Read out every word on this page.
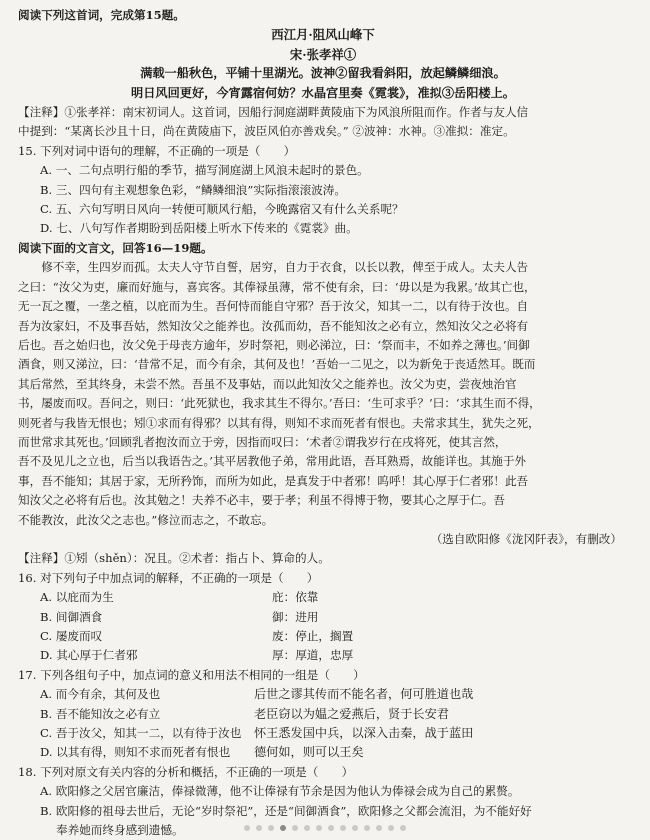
阅读下列这首词，完成第15题。
西江月·阻风山峰下
宋·张孝祥①
满载一船秋色，平铺十里湖光。波神②留我看斜阳，放起鳞鳞细浪。
明日风回更好，今宵露宿何妨？水晶宫里奏《霓裳》，准拟③岳阳楼上。
【注释】①张孝祥：南宋初词人。这首词，因船行洞庭湖畔黄陵庙下为风浪所阻而作。作者与友人信
中提到：“某离长沙且十日，尚在黄陵庙下，波臣风伯亦善戏矣。” ②波神：水神。③准拟：准定。
15. 下列对词中语句的理解，不正确的一项是（　　）
A. 一、二句点明行船的季节，描写洞庭湖上风浪未起时的景色。
B. 三、四句有主观想象色彩，“鳞鳞细浪”实际指滚滚波涛。
C. 五、六句写明日风向一转便可顺风行船，今晚露宿又有什么关系呢？
D. 七、八句写作者期盼到岳阳楼上听水下传来的《霓裳》曲。
阅读下面的文言文，回答16—19题。
修不幸，生四岁而孤。太夫人守节自誓，居穷，自力于衣食，以长以教，俾至于成人。太夫人告
之曰：“汝父为吏，廉而好施与，喜宾客。其俸禄虽薄，常不使有余，曰：‘毋以是为我累。’故其亡也，
无一瓦之覆，一垄之植，以庇而为生。吾何恃而能自守邪？吾于汝父，知其一二，以有待于汝也。自
吾为汝家妇，不及事吾姑，然知汝父之能养也。汝孤而幼，吾不能知汝之必有立，然知汝父之必将有
后也。吾之始归也，汝父免于母丧方逾年，岁时祭祀，则必涕泣，曰：‘祭而丰，不如养之薄也。’间御
酒食，则又涕泣，曰：‘昔常不足，而今有余，其何及也！’吾始一二见之，以为新免于丧适然耳。既而
其后常然，至其终身，未尝不然。吾虽不及事姑，而以此知汝父之能养也。汝父为吏，尝夜烛治官
书，屡废而叹。吾问之，则曰：‘此死狱也，我求其生不得尔。’吾曰：‘生可求乎？’曰：‘求其生而不得，
则死者与我皆无恨也；矧①求而有得邪？以其有得，则知不求而死者有恨也。夫常求其生，犹失之死，
而世常求其死也。’回顾乳者抱汝而立于旁，因指而叹曰：‘术者②谓我岁行在戌将死，使其言然，
吾不及见儿之立也，后当以我语告之。’其平居教他子弟，常用此语，吾耳熟焉，故能详也。其施于外
事，吾不能知；其居于家，无所矜饰，而所为如此，是真发于中者邪！呜呼！其心厚于仁者邪！此吾
知汝父之必将有后也。汝其勉之！夫养不必丰，要于孝；利虽不得博于物，要其心之厚于仁。吾
不能教汝，此汝父之志也。”修泣而志之，不敢忘。
（选自欧阳修《泷冈阡表》，有删改）
【注释】①矧（shěn）：况且。②术者：指占卜、算命的人。
16. 对下列句子中加点词的解释，不正确的一项是（　　）
A. 以庇而为生	庇：依靠
B. 间御酒食	御：进用
C. 屡废而叹	废：停止，搁置
D. 其心厚于仁者邪	厚：厚道，忠厚
17. 下列各组句子中，加点词的意义和用法不相同的一组是（　　）
A. 而今有余，其何及也	后世之谬其传而不能名者，何可胜道也哉
B. 吾不能知汝之必有立	老臣窃以为媪之爱燕后，贤于长安君
C. 吾于汝父，知其一二，以有待于汝也	怀王悉发国中兵，以深入击秦，战于蓝田
D. 以其有得，则知不求而死者有恨也	德何如，则可以王矣
18. 下列对原文有关内容的分析和概括，不正确的一项是（　　）
A. 欧阳修之父居官廉洁，俸禄微薄，他不让俸禄有节余是因为他认为俸禄会成为自己的累赘。
B. 欧阳修的祖母去世后，无论“岁时祭祀”，还是“间御酒食”，欧阳修之父都会流泪，为不能好好
奉养她而终身感到遗憾。
